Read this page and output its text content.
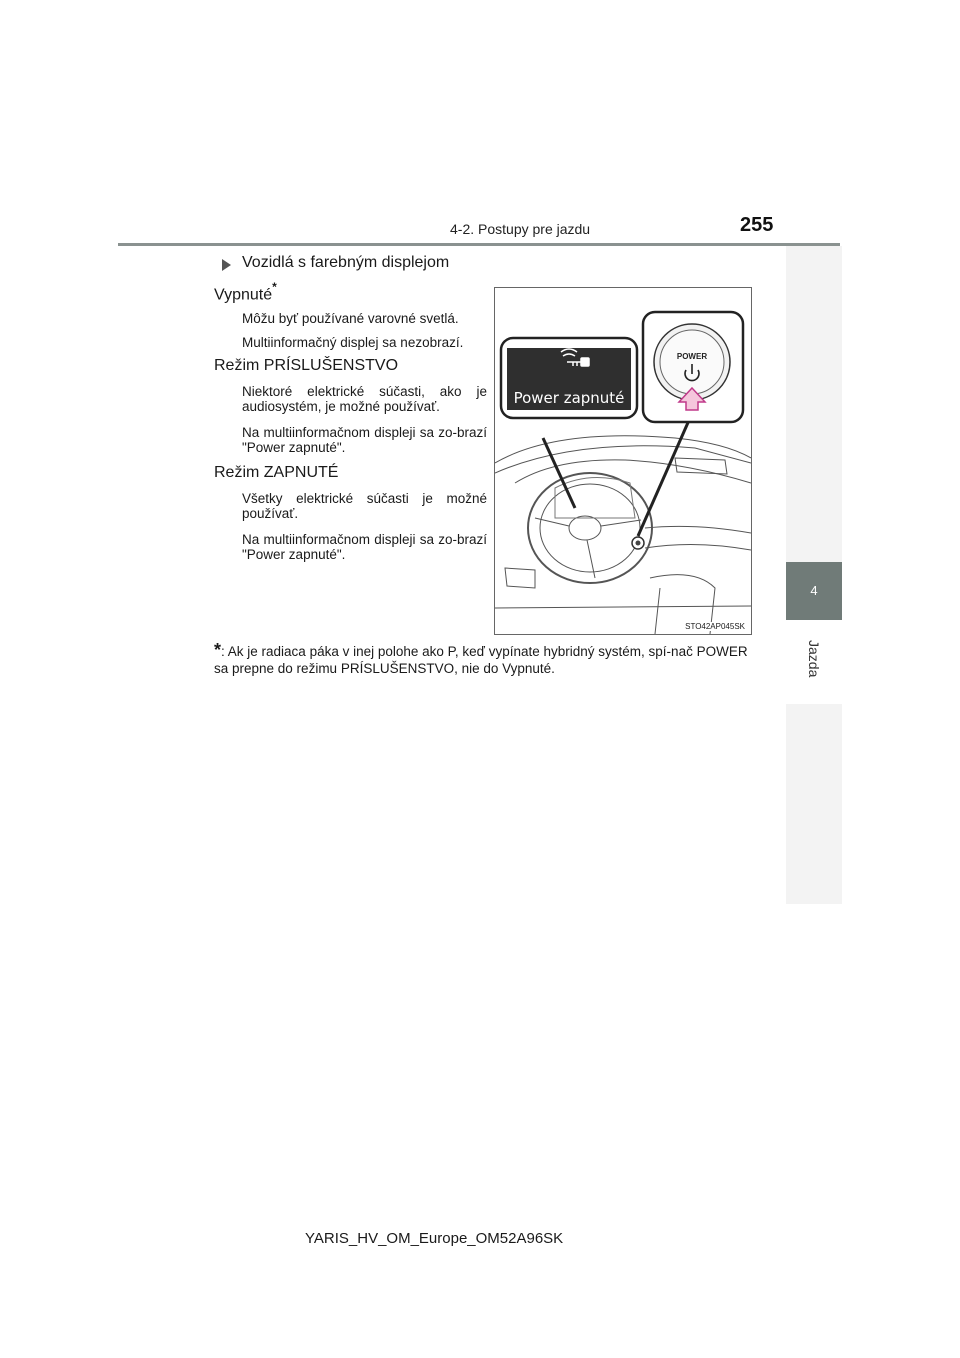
4-2. Postupy pre jazdu	255
4
Jazda
Vozidlá s farebným displejom
Vypnuté*
Môžu byť používané varovné svetlá.
Multiinformačný displej sa nezobrazí.
Režim PRÍSLUŠENSTVO
Niektoré elektrické súčasti, ako je audiosystém, je možné používať.
Na multiinformačnom displeji sa zo-brazí "Power zapnuté".
Režim ZAPNUTÉ
Všetky elektrické súčasti je možné používať.
Na multiinformačnom displeji sa zo-brazí "Power zapnuté".
Power zapnuté
POWER
STO42AP045SK
*: Ak je radiaca páka v inej polohe ako P, keď vypínate hybridný systém, spí-nač POWER sa prepne do režimu PRÍSLUŠENSTVO, nie do Vypnuté.
YARIS_HV_OM_Europe_OM52A96SK
